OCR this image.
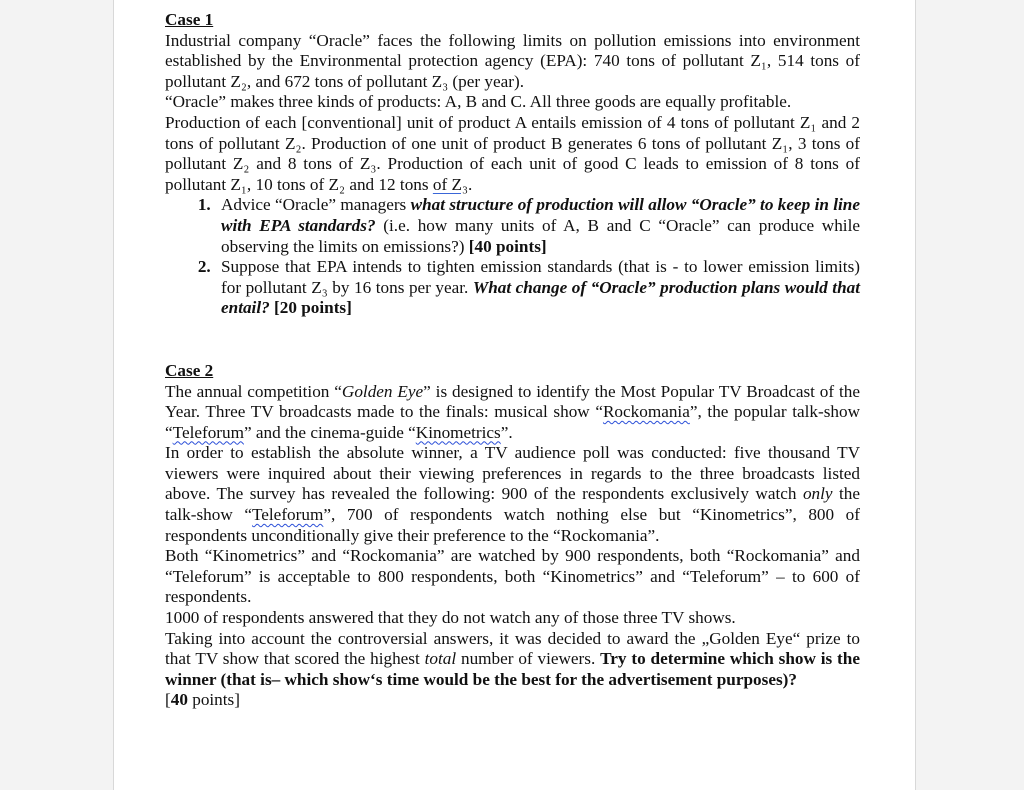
Case 1

Industrial company “Oracle” faces the following limits on pollution emissions into environment established by the Environmental protection agency (EPA): 740 tons of pollutant Z₁, 514 tons of pollutant Z₂, and 672 tons of pollutant Z₃ (per year).

“Oracle” makes three kinds of products: A, B and C. All three goods are equally profitable.

Production of each [conventional] unit of product A entails emission of 4 tons of pollutant Z₁ and 2 tons of pollutant Z₂. Production of one unit of product B generates 6 tons of pollutant Z₁, 3 tons of pollutant Z₂ and 8 tons of Z₃. Production of each unit of good C leads to emission of 8 tons of pollutant Z₁, 10 tons of Z₂ and 12 tons of Z₃.

1. Advice “Oracle” managers what structure of production will allow “Oracle” to keep in line with EPA standards? (i.e. how many units of A, B and C “Oracle” can produce while observing the limits on emissions?) [40 points]
2. Suppose that EPA intends to tighten emission standards (that is - to lower emission limits) for pollutant Z₃ by 16 tons per year. What change of “Oracle” production plans would that entail? [20 points]
Case 2

The annual competition “Golden Eye” is designed to identify the Most Popular TV Broadcast of the Year. Three TV broadcasts made to the finals: musical show “Rockomania”, the popular talk-show “Teleforum” and the cinema-guide “Kinometrics”.

In order to establish the absolute winner, a TV audience poll was conducted: five thousand TV viewers were inquired about their viewing preferences in regards to the three broadcasts listed above. The survey has revealed the following: 900 of the respondents exclusively watch only the talk-show “Teleforum”, 700 of respondents watch nothing else but “Kinometrics”, 800 of respondents unconditionally give their preference to the “Rockomania”.

Both “Kinometrics” and “Rockomania” are watched by 900 respondents, both “Rockomania” and “Teleforum” is acceptable to 800 respondents, both “Kinometrics” and “Teleforum” – to 600 of respondents.

1000 of respondents answered that they do not watch any of those three TV shows.

Taking into account the controversial answers, it was decided to award the „Golden Eye“ prize to that TV show that scored the highest total number of viewers. Try to determine which show is the winner (that is– which show‘s time would be the best for the advertisement purposes)?
[40 points]
